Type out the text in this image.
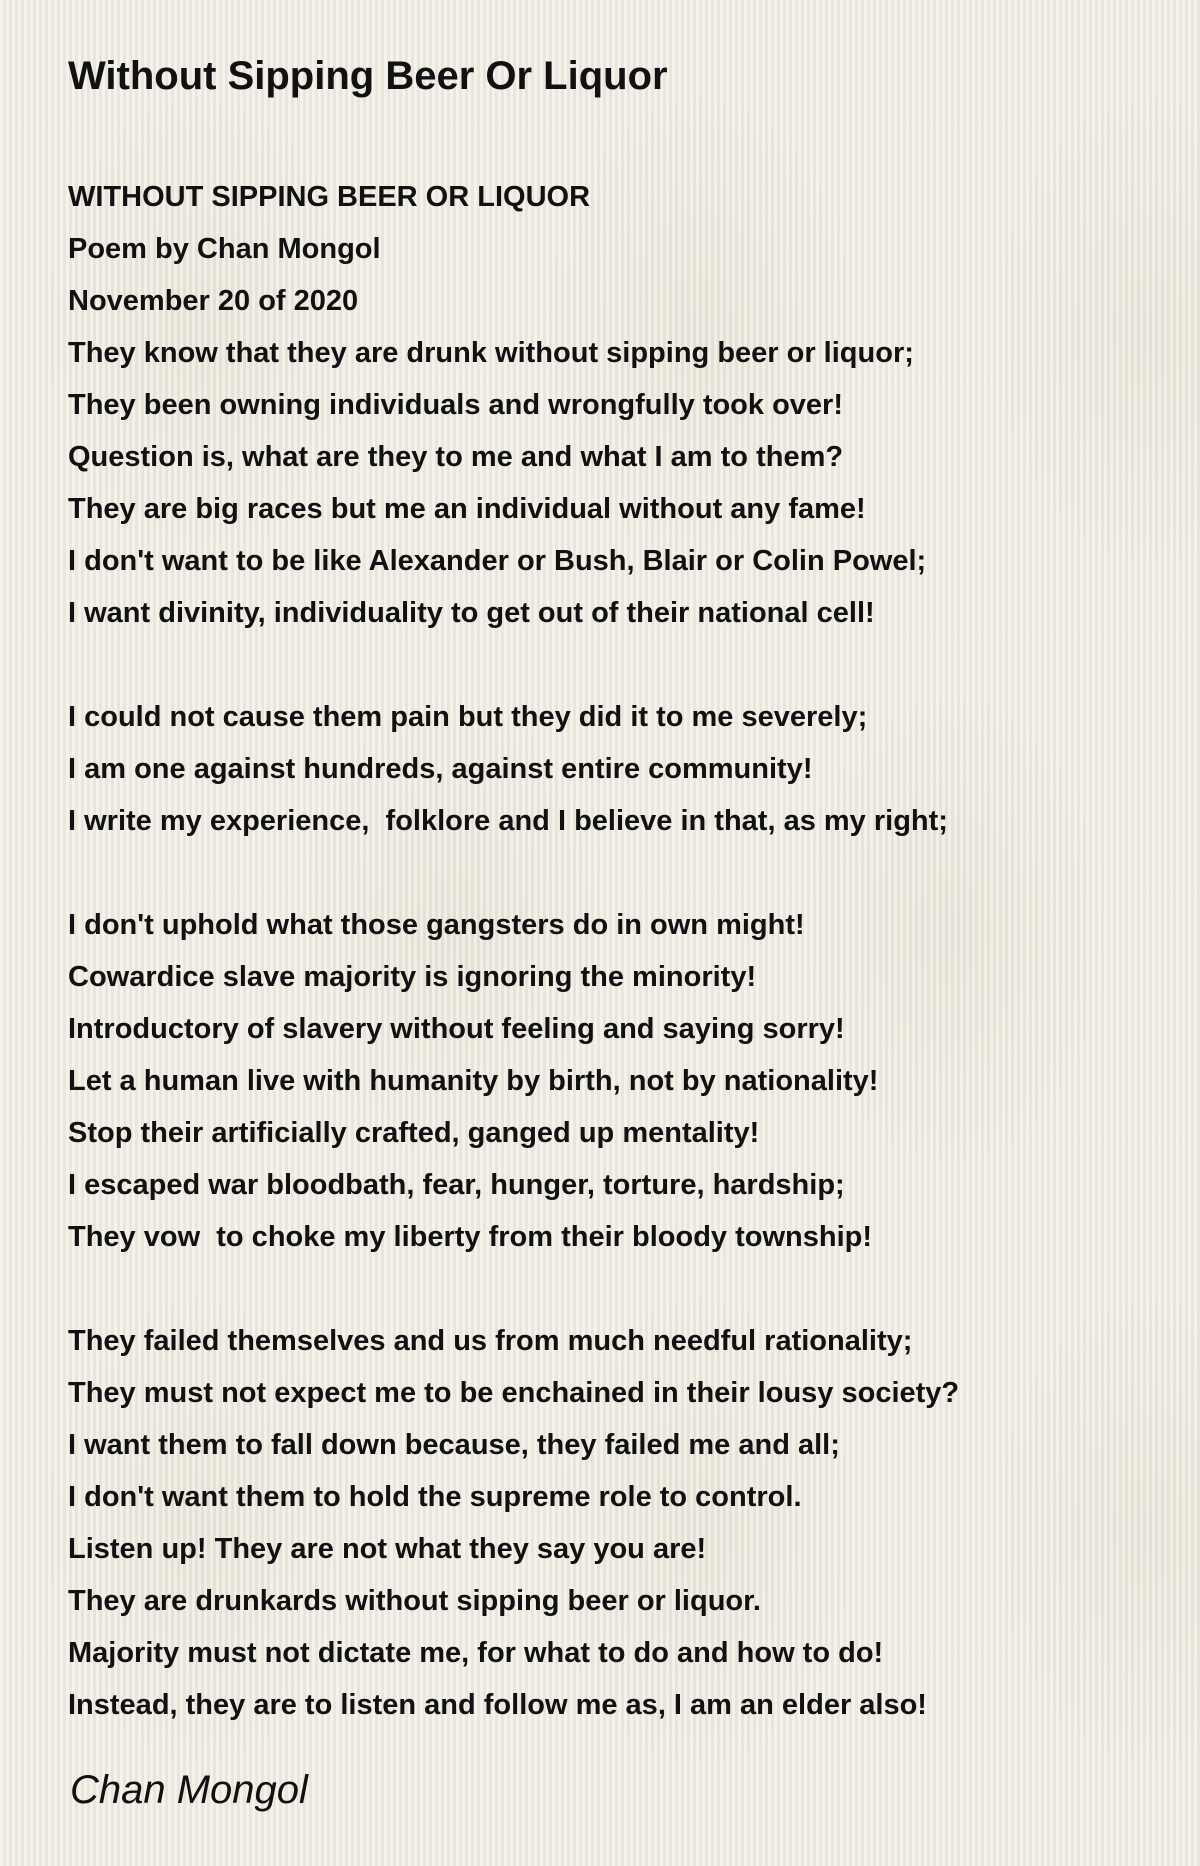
Without Sipping Beer Or Liquor
WITHOUT SIPPING BEER OR LIQUOR
Poem by Chan Mongol
November 20 of 2020
They know that they are drunk without sipping beer or liquor;
They been owning individuals and wrongfully took over!
Question is, what are they to me and what I am to them?
They are big races but me an individual without any fame!
I don't want to be like Alexander or Bush, Blair or Colin Powel;
I want divinity, individuality to get out of their national cell!
I could not cause them pain but they did it to me severely;
I am one against hundreds, against entire community!
I write my experience,  folklore and I believe in that, as my right;
I don't uphold what those gangsters do in own might!
Cowardice slave majority is ignoring the minority!
Introductory of slavery without feeling and saying sorry!
Let a human live with humanity by birth, not by nationality!
Stop their artificially crafted, ganged up mentality!
I escaped war bloodbath, fear, hunger, torture, hardship;
They vow  to choke my liberty from their bloody township!
They failed themselves and us from much needful rationality;
They must not expect me to be enchained in their lousy society?
I want them to fall down because, they failed me and all;
I don't want them to hold the supreme role to control.
Listen up! They are not what they say you are!
They are drunkards without sipping beer or liquor.
Majority must not dictate me, for what to do and how to do!
Instead, they are to listen and follow me as, I am an elder also!
Chan Mongol
